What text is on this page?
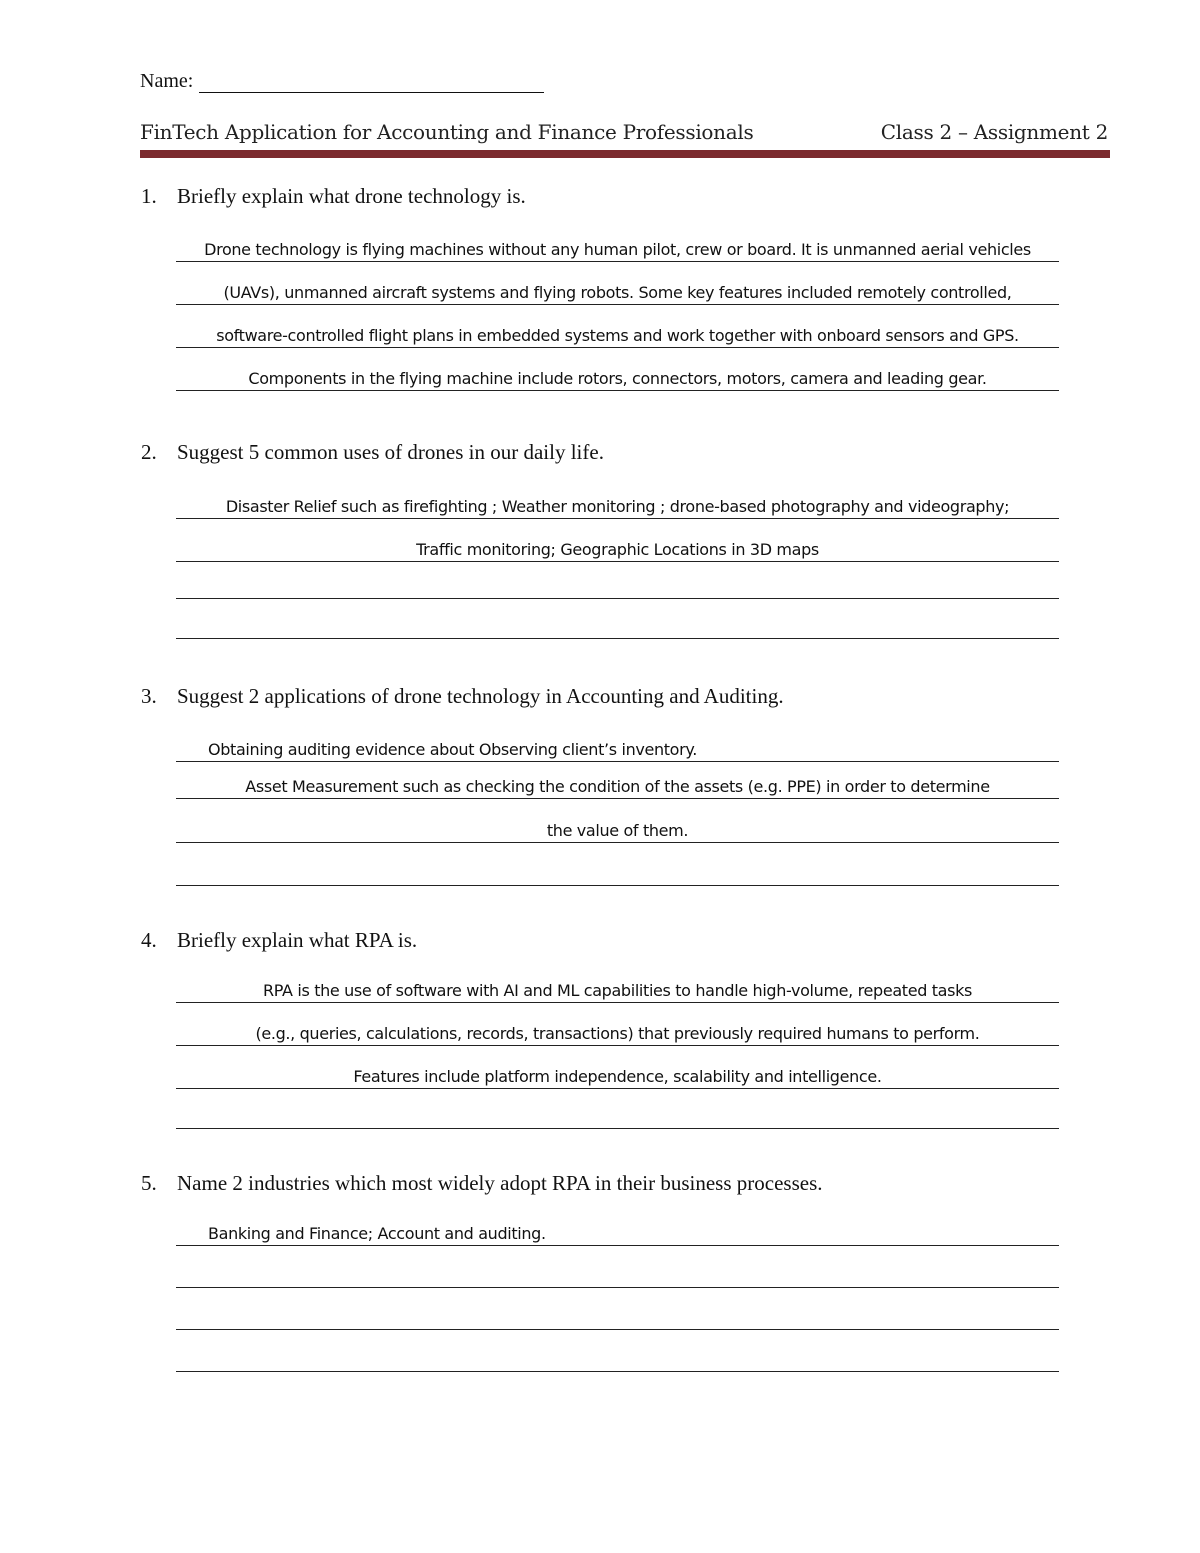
Name:
FinTech Application for Accounting and Finance Professionals	Class 2 – Assignment 2
1. Briefly explain what drone technology is.
Drone technology is flying machines without any human pilot, crew or board. It is unmanned aerial vehicles
(UAVs), unmanned aircraft systems and flying robots. Some key features included remotely controlled,
software-controlled flight plans in embedded systems and work together with onboard sensors and GPS.
Components in the flying machine include rotors, connectors, motors, camera and leading gear.
2. Suggest 5 common uses of drones in our daily life.
Disaster Relief such as firefighting ; Weather monitoring ; drone-based photography and videography;
Traffic monitoring; Geographic Locations in 3D maps
3. Suggest 2 applications of drone technology in Accounting and Auditing.
Obtaining auditing evidence about Observing client’s inventory.
Asset Measurement such as checking the condition of the assets (e.g. PPE) in order to determine
the value of them.
4. Briefly explain what RPA is.
RPA is the use of software with AI and ML capabilities to handle high-volume, repeated tasks
(e.g., queries, calculations, records, transactions) that previously required humans to perform.
Features include platform independence, scalability and intelligence.
5. Name 2 industries which most widely adopt RPA in their business processes.
Banking and Finance; Account and auditing.
